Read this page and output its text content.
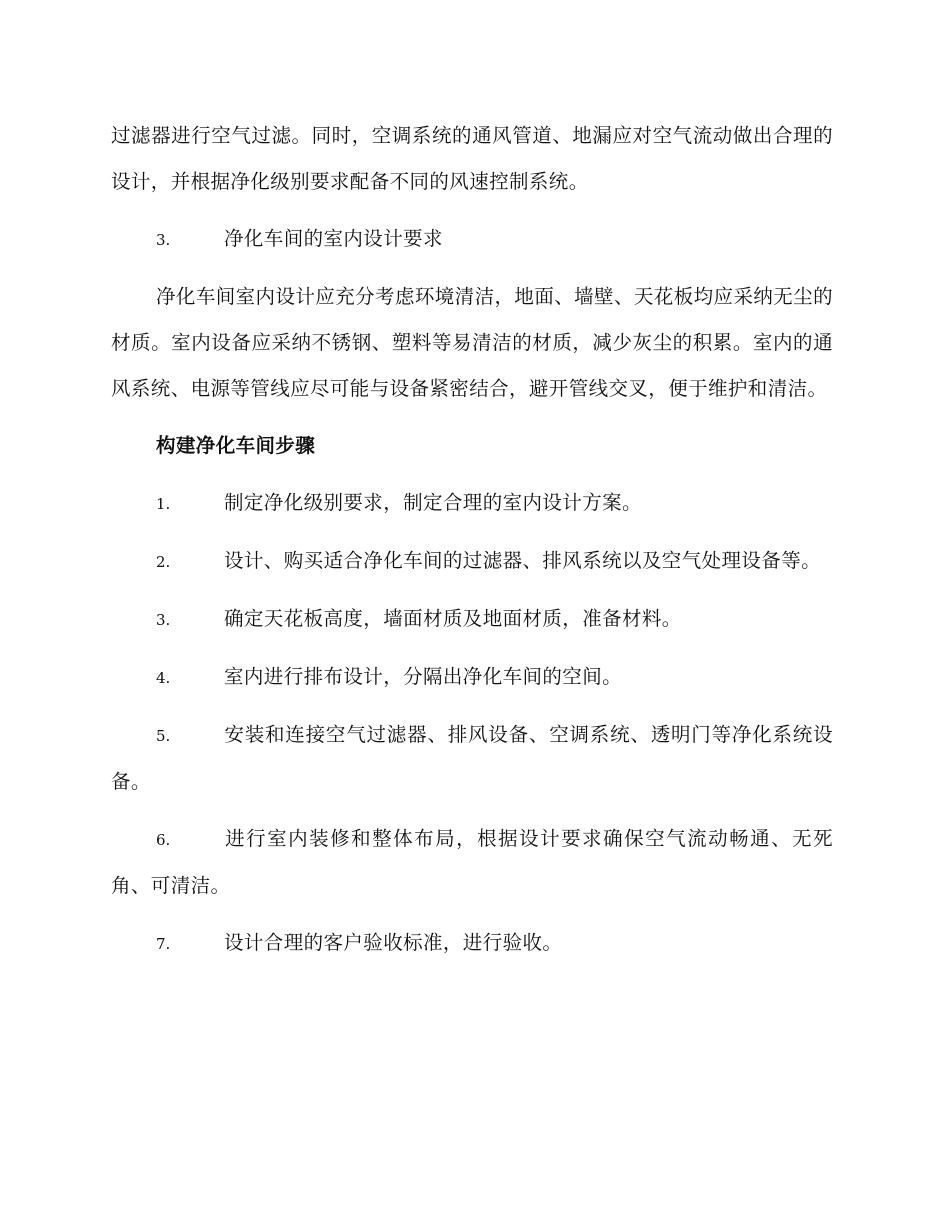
过滤器进行空气过滤。同时，空调系统的通风管道、地漏应对空气流动做出合理的设计，并根据净化级别要求配备不同的风速控制系统。

3.	净化车间的室内设计要求

净化车间室内设计应充分考虑环境清洁，地面、墙壁、天花板均应采纳无尘的材质。室内设备应采纳不锈钢、塑料等易清洁的材质，减少灰尘的积累。室内的通风系统、电源等管线应尽可能与设备紧密结合，避开管线交叉，便于维护和清洁。

构建净化车间步骤

1.	制定净化级别要求，制定合理的室内设计方案。

2.	设计、购买适合净化车间的过滤器、排风系统以及空气处理设备等。

3.	确定天花板高度，墙面材质及地面材质，准备材料。

4.	室内进行排布设计，分隔出净化车间的空间。

5.	安装和连接空气过滤器、排风设备、空调系统、透明门等净化系统设备。

6.	进行室内装修和整体布局，根据设计要求确保空气流动畅通、无死角、可清洁。

7.	设计合理的客户验收标准，进行验收。
